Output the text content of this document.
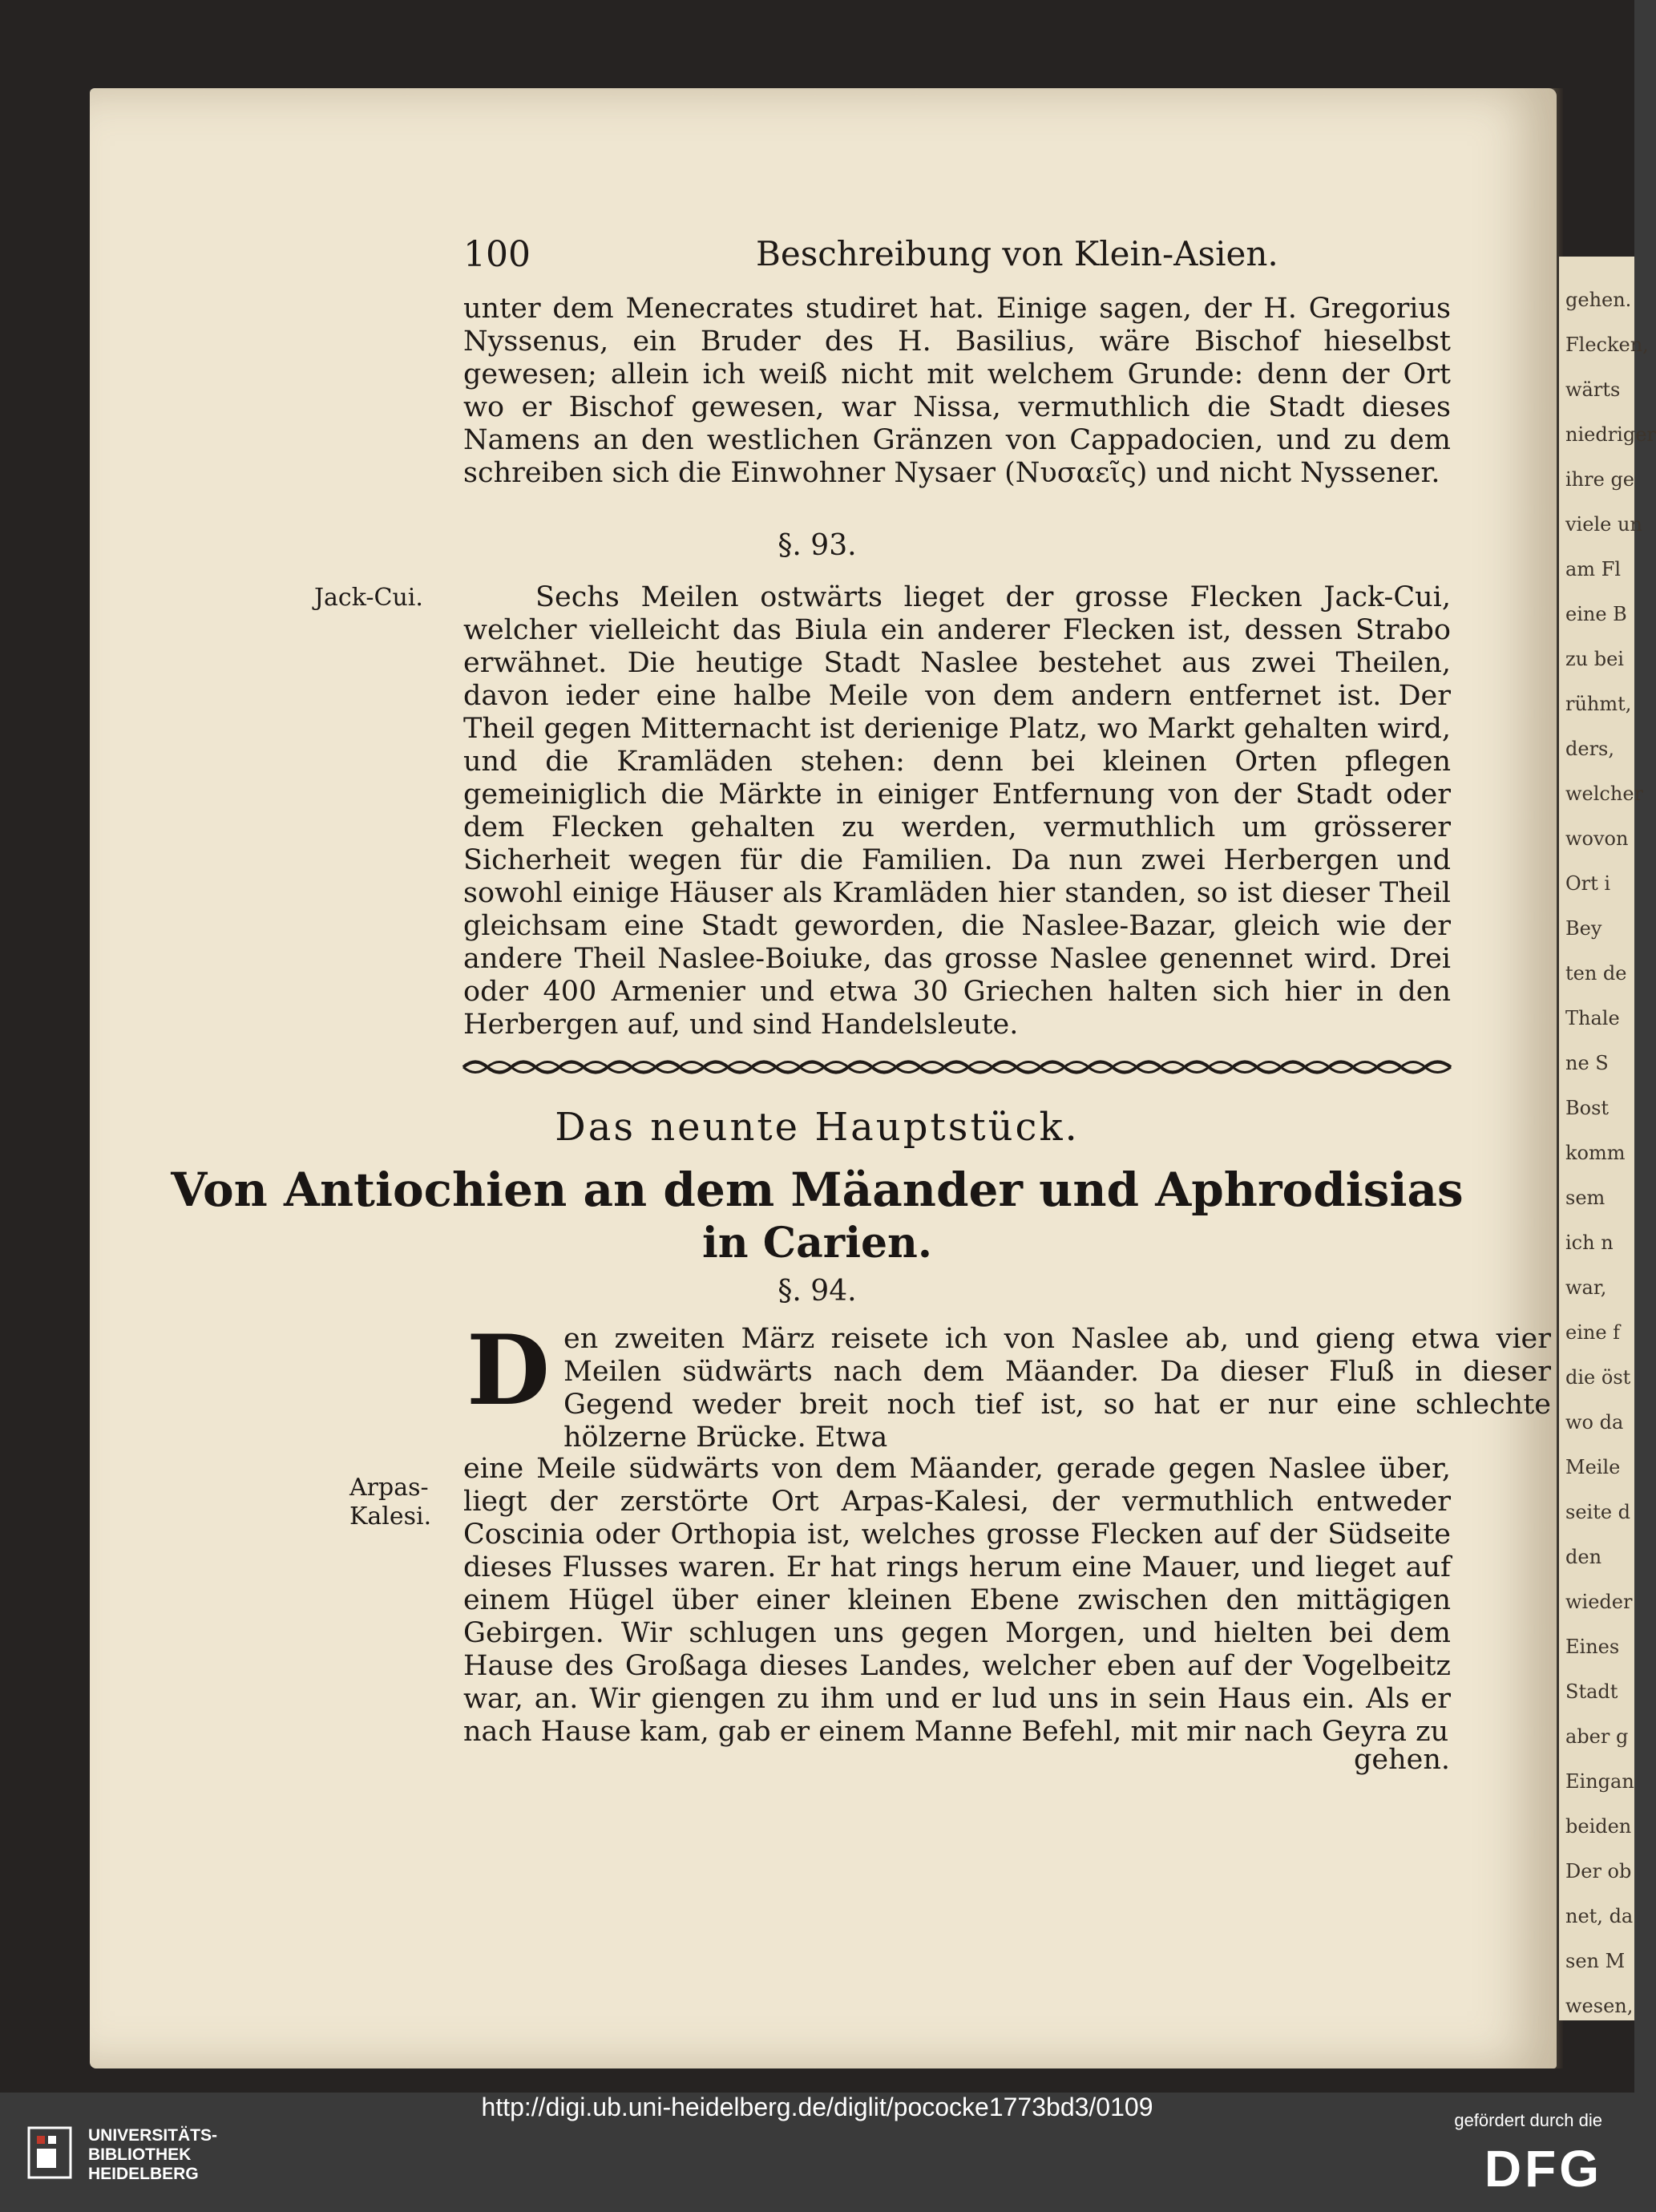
gehen.
Flecken,
wärts
niedriger
ihre ge
viele un
am Fl
eine B
zu bei
rühmt,
ders,
welcher
wovon
Ort i
Bey
ten de
Thale
ne S
Bost
komm
sem
ich n
war,
eine f
die öst
wo da
Meile
seite d
den
wieder
Eines
Stadt
aber g
Eingan
beiden
Der ob
net, da
sen M
wesen,
100	Beschreibung von Klein-Asien.
unter dem Menecrates studiret hat. Einige sagen, der H. Gregorius Nyssenus, ein Bruder des H. Basilius, wäre Bischof hieselbst gewesen; allein ich weiß nicht mit welchem Grunde: denn der Ort wo er Bischof gewesen, war Nissa, vermuthlich die Stadt dieses Namens an den westlichen Gränzen von Cappadocien, und zu dem schreiben sich die Einwohner Nysaer (Νυσαεῖς) und nicht Nyssener.
§. 93.
Jack-Cui.	Sechs Meilen ostwärts lieget der grosse Flecken Jack-Cui, welcher vielleicht das Biula ein anderer Flecken ist, dessen Strabo erwähnet. Die heutige Stadt Naslee bestehet aus zwei Theilen, davon ieder eine halbe Meile von dem andern entfernet ist. Der Theil gegen Mitternacht ist derienige Platz, wo Markt gehalten wird, und die Kramläden stehen: denn bei kleinen Orten pflegen gemeiniglich die Märkte in einiger Entfernung von der Stadt oder dem Flecken gehalten zu werden, vermuthlich um grösserer Sicherheit wegen für die Familien. Da nun zwei Herbergen und sowohl einige Häuser als Kramläden hier standen, so ist dieser Theil gleichsam eine Stadt geworden, die Naslee-Bazar, gleich wie der andere Theil Naslee-Boiuke, das grosse Naslee genennet wird. Drei oder 400 Armenier und etwa 30 Griechen halten sich hier in den Herbergen auf, und sind Handelsleute.
Das neunte Hauptstück.
Von Antiochien an dem Mäander und Aphrodisias
in Carien.
§. 94.
D en zweiten März reisete ich von Naslee ab, und gieng etwa vier Meilen südwärts nach dem Mäander. Da dieser Fluß in dieser Gegend weder breit noch tief ist, so hat er nur eine schlechte hölzerne Brücke. Etwa
eine Meile südwärts von dem Mäander, gerade gegen Naslee über, liegt der zerstörte Ort Arpas-Kalesi, der vermuthlich entweder Coscinia oder Orthopia ist, welches grosse Flecken auf der Südseite dieses Flusses waren. Er hat rings herum eine Mauer, und lieget auf einem Hügel über einer kleinen Ebene zwischen den mittägigen Gebirgen. Wir schlugen uns gegen Morgen, und hielten bei dem Hause des Großaga dieses Landes, welcher eben auf der Vogelbeitz war, an. Wir giengen zu ihm und er lud uns in sein Haus ein. Als er nach Hause kam, gab er einem Manne Befehl, mit mir nach Geyra zu
gehen.
Arpas-
Kalesi.
UNIVERSITÄTS-
BIBLIOTHEK
HEIDELBERG
http://digi.ub.uni-heidelberg.de/diglit/pococke1773bd3/0109	gefördert durch die
DFG
